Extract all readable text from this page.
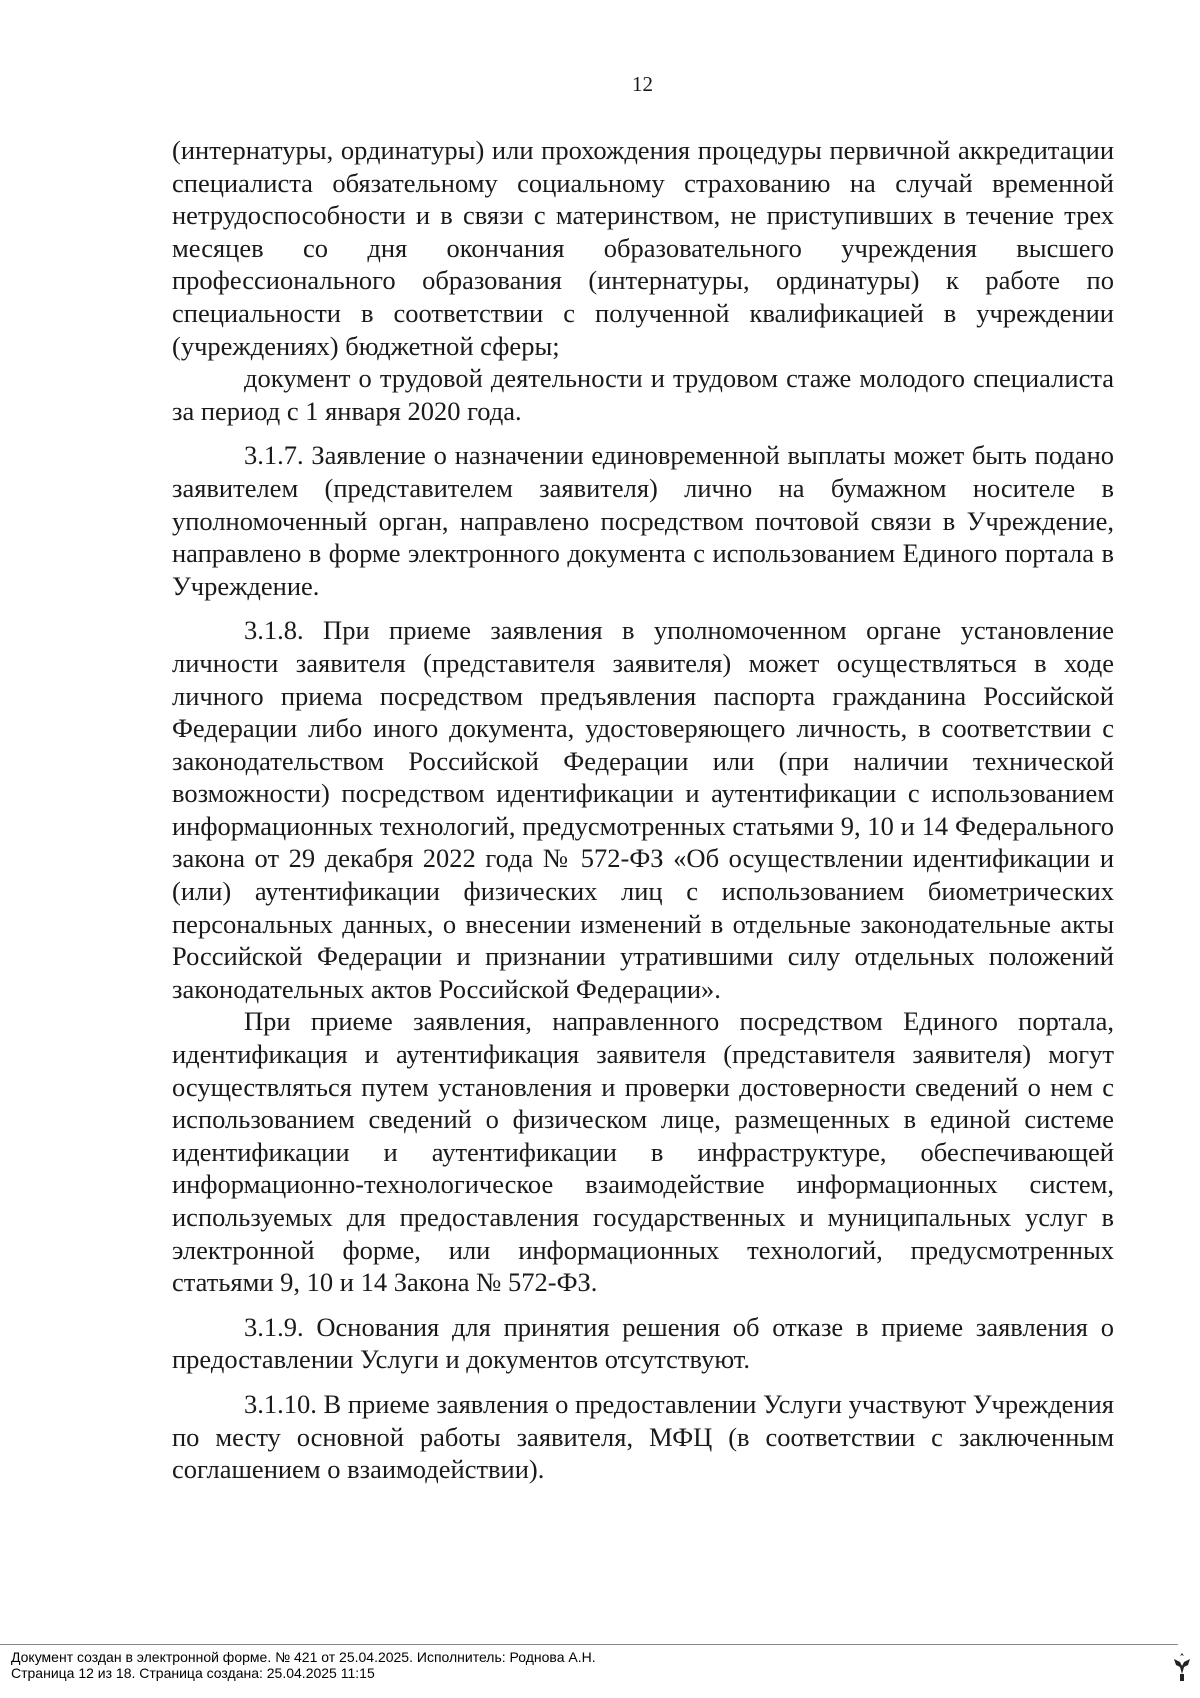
12

(интернатуры, ординатуры) или прохождения процедуры первичной аккредитации специалиста обязательному социальному страхованию на случай временной нетрудоспособности и в связи с материнством, не приступивших в течение трех месяцев со дня окончания образовательного учреждения высшего профессионального образования (интернатуры, ординатуры) к работе по специальности в соответствии с полученной квалификацией в учреждении (учреждениях) бюджетной сферы;

документ о трудовой деятельности и трудовом стаже молодого специалиста за период с 1 января 2020 года.

3.1.7. Заявление о назначении единовременной выплаты может быть подано заявителем (представителем заявителя) лично на бумажном носителе в уполномоченный орган, направлено посредством почтовой связи в Учреждение, направлено в форме электронного документа с использованием Единого портала в Учреждение.

3.1.8. При приеме заявления в уполномоченном органе установление личности заявителя (представителя заявителя) может осуществляться в ходе личного приема посредством предъявления паспорта гражданина Российской Федерации либо иного документа, удостоверяющего личность, в соответствии с законодательством Российской Федерации или (при наличии технической возможности) посредством идентификации и аутентификации с использованием информационных технологий, предусмотренных статьями 9, 10 и 14 Федерального закона от 29 декабря 2022 года № 572-ФЗ «Об осуществлении идентификации и (или) аутентификации физических лиц с использованием биометрических персональных данных, о внесении изменений в отдельные законодательные акты Российской Федерации и признании утратившими силу отдельных положений законодательных актов Российской Федерации».

При приеме заявления, направленного посредством Единого портала, идентификация и аутентификация заявителя (представителя заявителя) могут осуществляться путем установления и проверки достоверности сведений о нем с использованием сведений о физическом лице, размещенных в единой системе идентификации и аутентификации в инфраструктуре, обеспечивающей информационно-технологическое взаимодействие информационных систем, используемых для предоставления государственных и муниципальных услуг в электронной форме, или информационных технологий, предусмотренных статьями 9, 10 и 14 Закона № 572-ФЗ.

3.1.9. Основания для принятия решения об отказе в приеме заявления о предоставлении Услуги и документов отсутствуют.

3.1.10. В приеме заявления о предоставлении Услуги участвуют Учреждения по месту основной работы заявителя, МФЦ (в соответствии с заключенным соглашением о взаимодействии).

Документ создан в электронной форме. № 421 от 25.04.2025. Исполнитель: Роднова А.Н.
Страница 12 из 18. Страница создана: 25.04.2025 11:15
